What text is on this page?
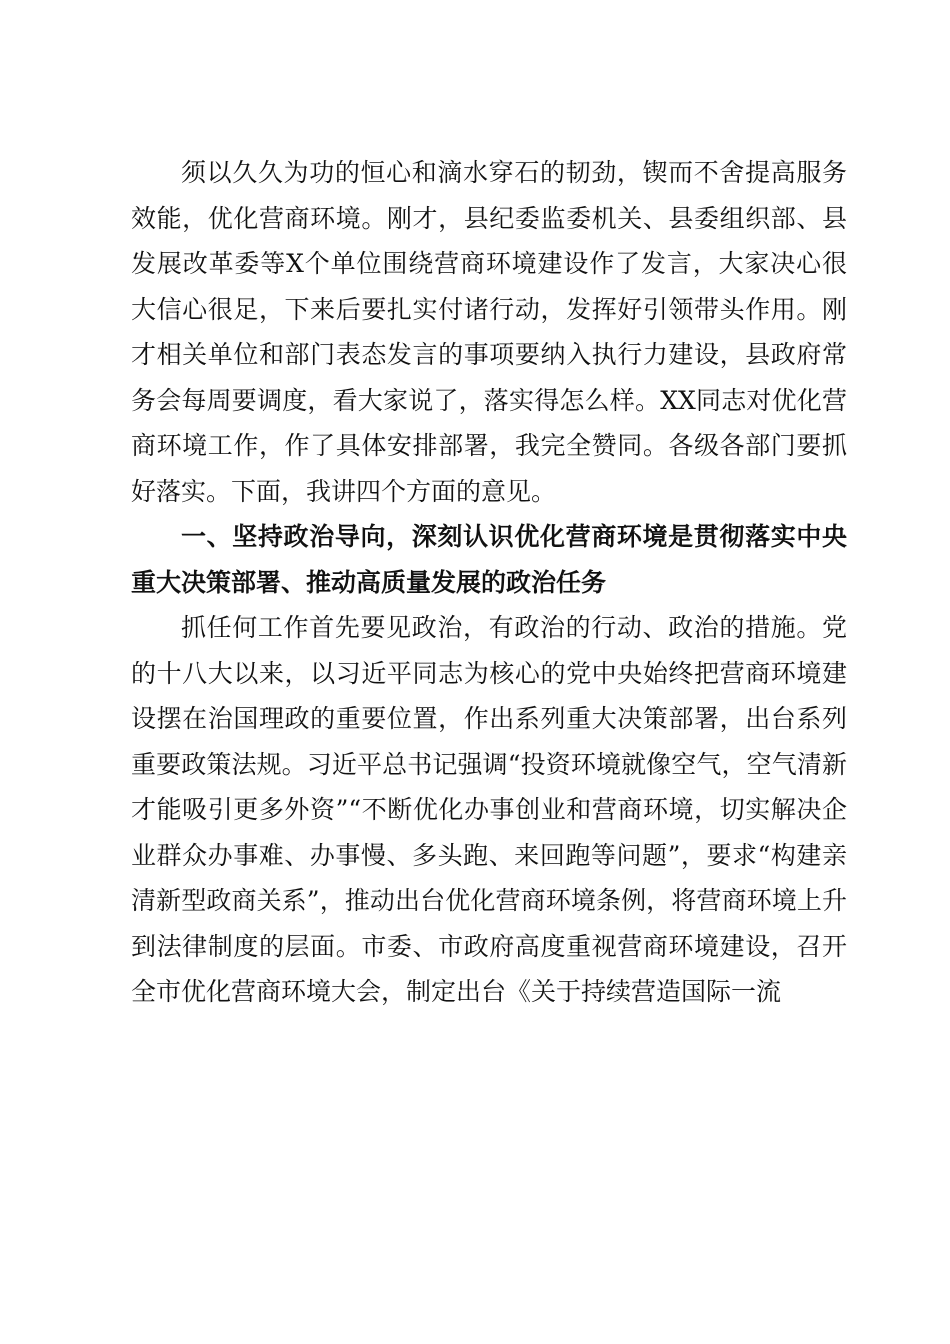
须以久久为功的恒心和滴水穿石的韧劲，锲而不舍提高服务效能，优化营商环境。刚才，县纪委监委机关、县委组织部、县发展改革委等X个单位围绕营商环境建设作了发言，大家决心很大信心很足，下来后要扎实付诸行动，发挥好引领带头作用。刚才相关单位和部门表态发言的事项要纳入执行力建设，县政府常务会每周要调度，看大家说了，落实得怎么样。XX同志对优化营商环境工作，作了具体安排部署，我完全赞同。各级各部门要抓好落实。下面，我讲四个方面的意见。

一、坚持政治导向，深刻认识优化营商环境是贯彻落实中央重大决策部署、推动高质量发展的政治任务

抓任何工作首先要见政治，有政治的行动、政治的措施。党的十八大以来，以习近平同志为核心的党中央始终把营商环境建设摆在治国理政的重要位置，作出系列重大决策部署，出台系列重要政策法规。习近平总书记强调“投资环境就像空气，空气清新才能吸引更多外资”“不断优化办事创业和营商环境，切实解决企业群众办事难、办事慢、多头跑、来回跑等问题”，要求“构建亲清新型政商关系”，推动出台优化营商环境条例，将营商环境上升到法律制度的层面。市委、市政府高度重视营商环境建设，召开全市优化营商环境大会，制定出台《关于持续营造国际一流
